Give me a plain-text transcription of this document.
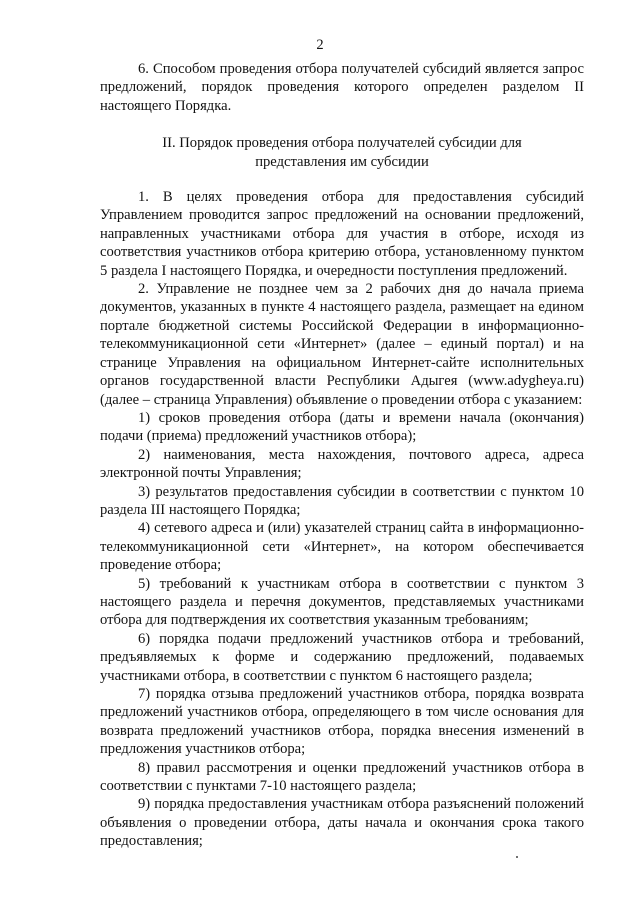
2

6. Способом проведения отбора получателей субсидий является запрос предложений, порядок проведения которого определен разделом II настоящего Порядка.

II. Порядок проведения отбора получателей субсидии для
представления им субсидии

1. В целях проведения отбора для предоставления субсидий Управлением проводится запрос предложений на основании предложений, направленных участниками отбора для участия в отборе, исходя из соответствия участников отбора критерию отбора, установленному пунктом 5 раздела I настоящего Порядка, и очередности поступления предложений.

2. Управление не позднее чем за 2 рабочих дня до начала приема документов, указанных в пункте 4 настоящего раздела, размещает на едином портале бюджетной системы Российской Федерации в информационно-телекоммуникационной сети «Интернет» (далее – единый портал) и на странице Управления на официальном Интернет-сайте исполнительных органов государственной власти Республики Адыгея (www.adygheya.ru) (далее – страница Управления) объявление о проведении отбора с указанием:

1) сроков проведения отбора (даты и времени начала (окончания) подачи (приема) предложений участников отбора);

2) наименования, места нахождения, почтового адреса, адреса электронной почты Управления;

3) результатов предоставления субсидии в соответствии с пунктом 10 раздела III настоящего Порядка;

4) сетевого адреса и (или) указателей страниц сайта в информационно-телекоммуникационной сети «Интернет», на котором обеспечивается проведение отбора;

5) требований к участникам отбора в соответствии с пунктом 3 настоящего раздела и перечня документов, представляемых участниками отбора для подтверждения их соответствия указанным требованиям;

6) порядка подачи предложений участников отбора и требований, предъявляемых к форме и содержанию предложений, подаваемых участниками отбора, в соответствии с пунктом 6 настоящего раздела;

7) порядка отзыва предложений участников отбора, порядка возврата предложений участников отбора, определяющего в том числе основания для возврата предложений участников отбора, порядка внесения изменений в предложения участников отбора;

8) правил рассмотрения и оценки предложений участников отбора в соответствии с пунктами 7-10 настоящего раздела;

9) порядка предоставления участникам отбора разъяснений положений объявления о проведении отбора, даты начала и окончания срока такого предоставления;
